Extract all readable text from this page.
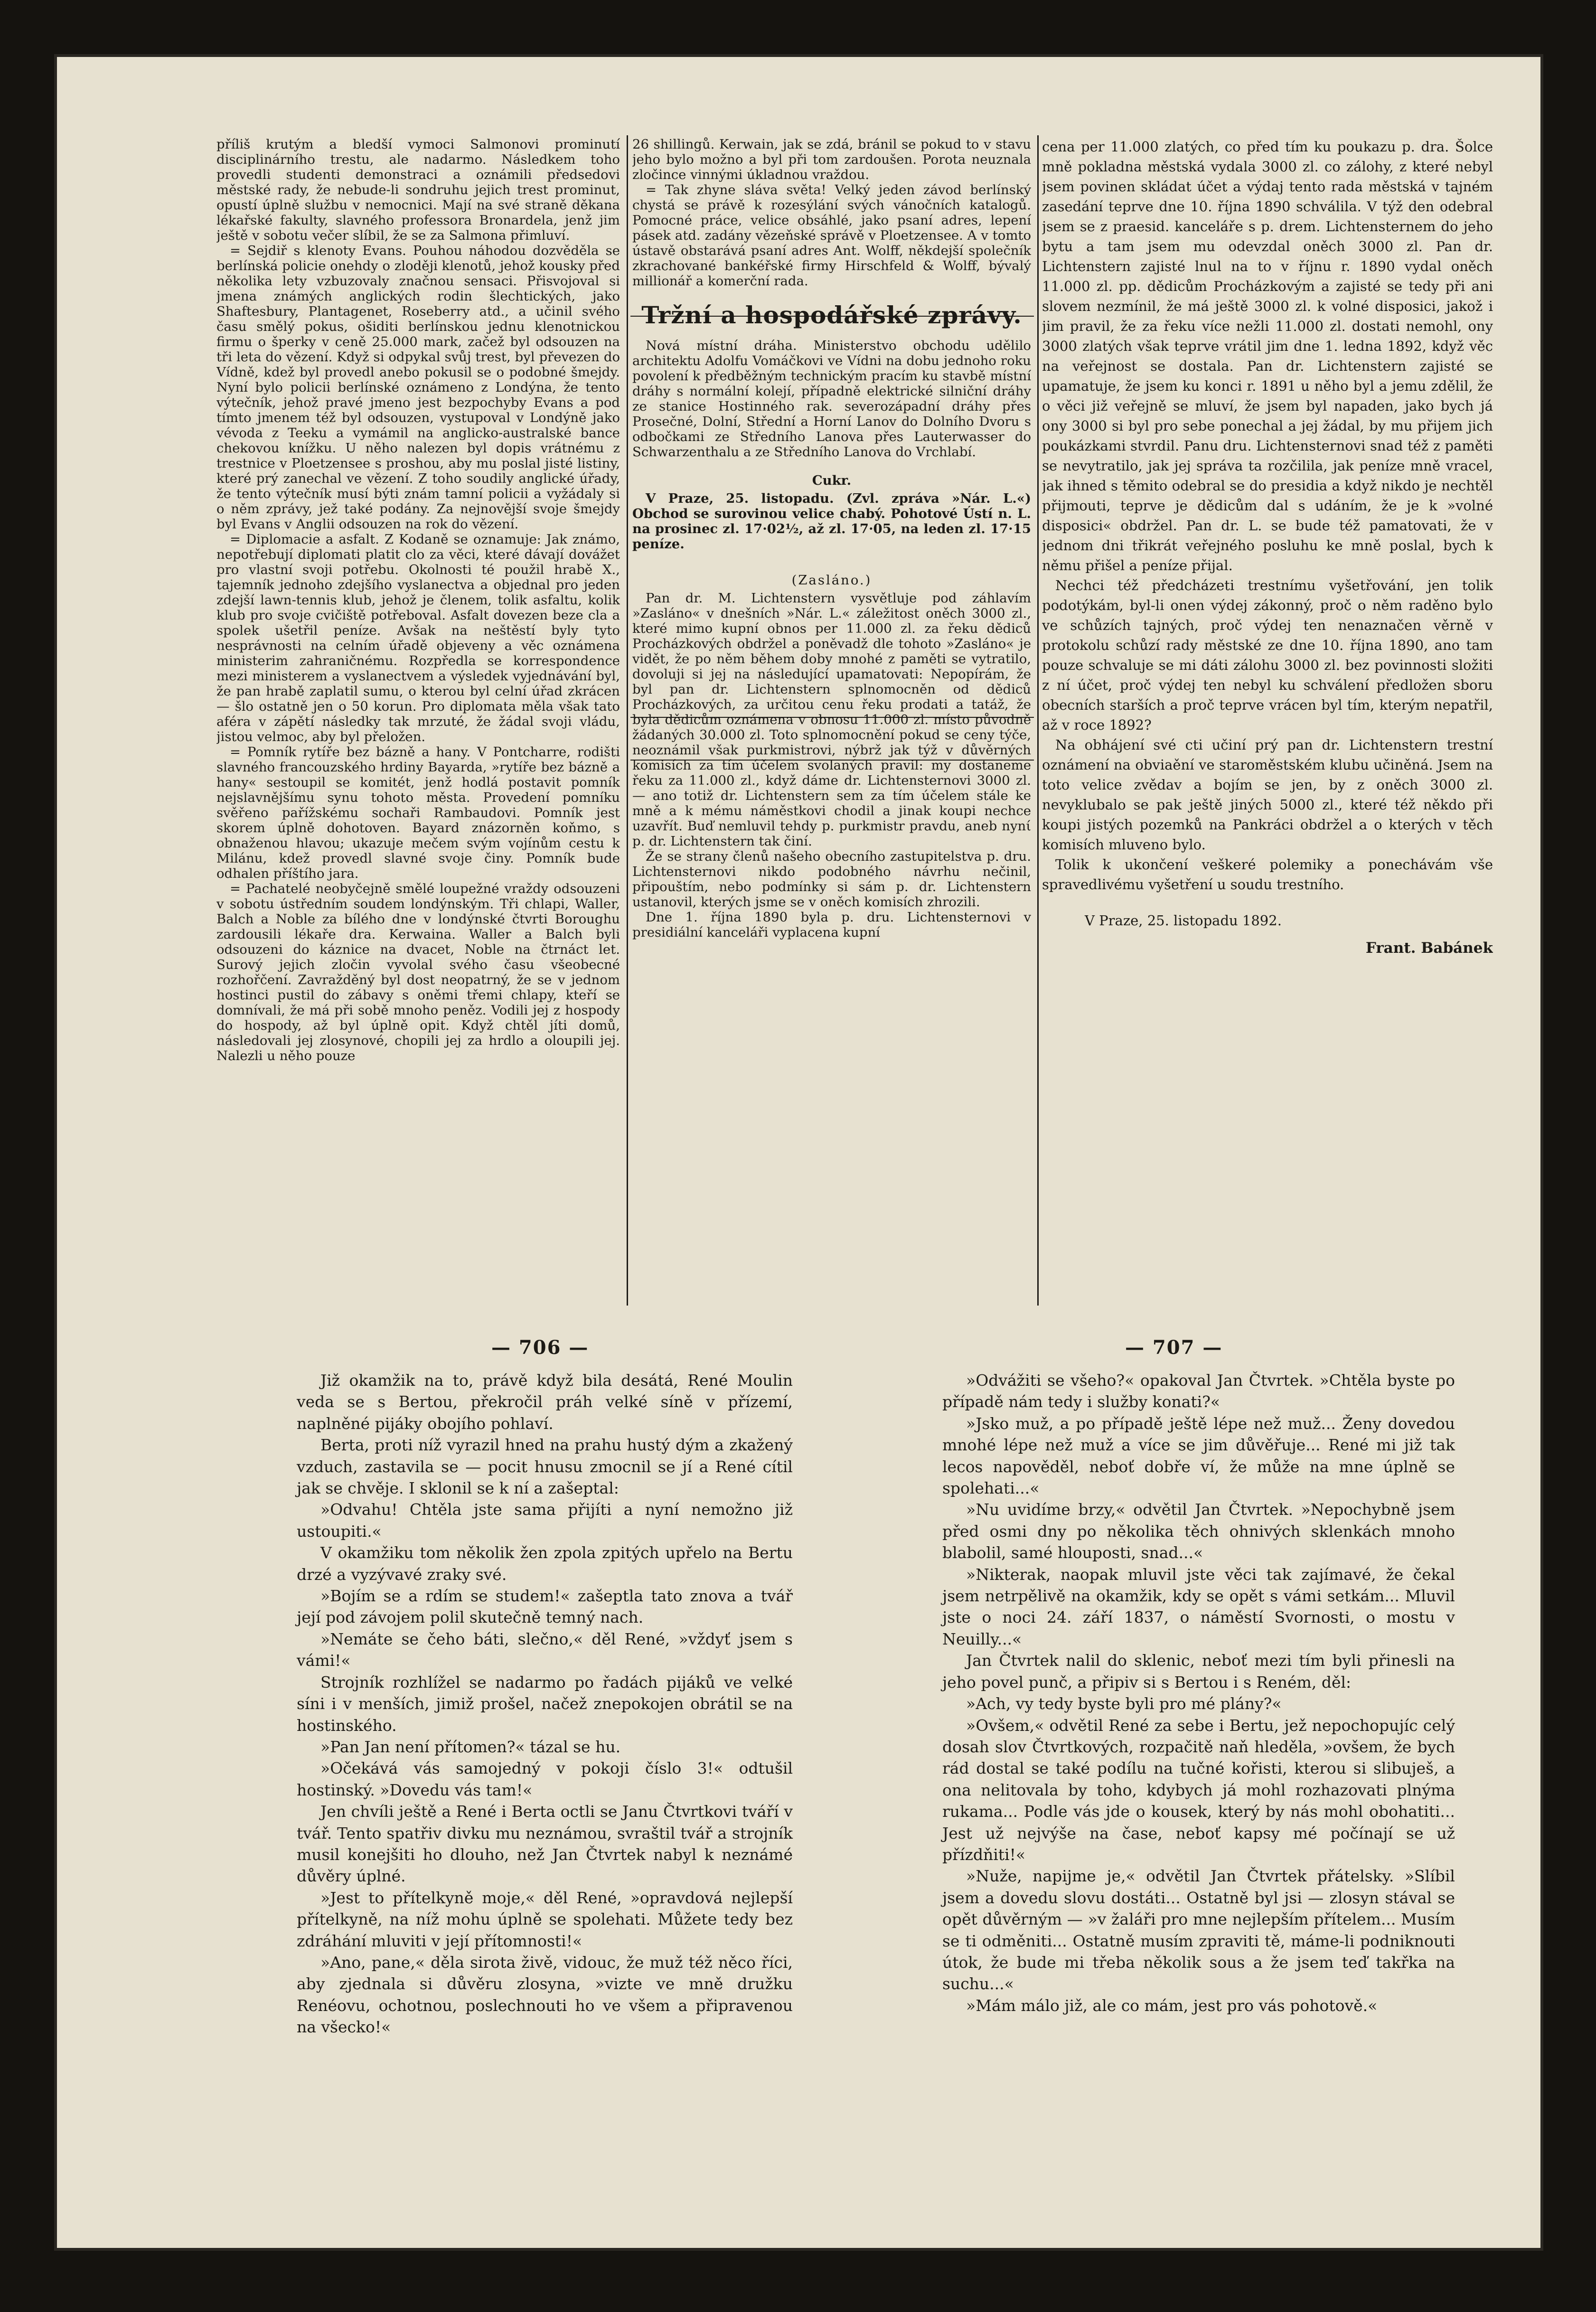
příliš krutým a bledší vymoci Salmonovi prominutí disciplinárního trestu, ale nadarmo. Následkem toho provedli studenti demonstraci a oznámili předsedovi městské rady, že nebude-li sondruhu jejich trest prominut, opustí úplně službu v nemocnici. Mají na své straně děkana lékařské fakulty, slavného professora Bronardela, jenž jim ještě v sobotu večer slíbil, že se za Salmona přimluví.

= Sejdiř s klenoty Evans. Pouhou náhodou dozvěděla se berlínská policie onehdy o zloději klenotů, jehož kousky před několika lety vzbuzovaly značnou sensaci. Přisvojoval si jmena známých anglických rodin šlechtických, jako Shaftesbury, Plantagenet, Roseberry atd., a učinil svého času smělý pokus, ošiditi berlínskou jednu klenotnickou firmu o šperky v ceně 25.000 mark, začež byl odsouzen na tři leta do vězení. Když si odpykal svůj trest, byl převezen do Vídně, kdež byl provedl anebo pokusil se o podobné šmejdy. Nyní bylo policii berlínské oznámeno z Londýna, že tento výtečník, jehož pravé jmeno jest bezpochyby Evans a pod tímto jmenem též byl odsouzen, vystupoval v Londýně jako vévoda z Teeku a vymámil na anglicko-australské bance chekovou knížku. U něho nalezen byl dopis vrátnému z trestnice v Ploetzensee s proshou, aby mu poslal jisté listiny, které prý zanechal ve vězení. Z toho soudily anglické úřady, že tento výtečník musí býti znám tamní policii a vyžádaly si o něm zprávy, jež také podány. Za nejnovější svoje šmejdy byl Evans v Anglii odsouzen na rok do vězení.

= Diplomacie a asfalt. Z Kodaně se oznamuje: Jak známo, nepotřebují diplomati platit clo za věci, které dávají dovážet pro vlastní svoji potřebu. Okolnosti té použil hrabě X., tajemník jednoho zdejšího vyslanectva a objednal pro jeden zdejší lawn-tennis klub, jehož je členem, tolik asfaltu, kolik klub pro svoje cvičiště potřeboval. Asfalt dovezen beze cla a spolek ušetřil peníze. Avšak na neštěstí byly tyto nesprávnosti na celním úřadě objeveny a věc oznámena ministerim zahraničnému. Rozpředla se korrespondence mezi ministerem a vyslanectvem a výsledek vyjednávání byl, že pan hrabě zaplatil sumu, o kterou byl celní úřad zkrácen — šlo ostatně jen o 50 korun. Pro diplomata měla však tato aféra v zápětí následky tak mrzuté, že žádal svoji vládu, jistou velmoc, aby byl přeložen.

= Pomník rytíře bez bázně a hany. V Pontcharre, rodišti slavného francouzského hrdiny Bayarda, »rytíře bez bázně a hany« sestoupil se komitét, jenž hodlá postavit pomník nejslavnějšímu synu tohoto města. Provedení pomníku svěřeno pařížskému sochaři Rambaudovi. Pomník jest skorem úplně dohotoven. Bayard znázorněn koňmo, s obnaženou hlavou; ukazuje mečem svým vojínům cestu k Milánu, kdež provedl slavné svoje činy. Pomník bude odhalen příštího jara.

= Pachatelé neobyčejně smělé loupežné vraždy odsouzeni v sobotu ústředním soudem londýnským. Tři chlapi, Waller, Balch a Noble za bílého dne v londýnské čtvrti Boroughu zardousili lékaře dra. Kerwaina. Waller a Balch byli odsouzeni do káznice na dvacet, Noble na čtrnáct let. Surový jejich zločin vyvolal svého času všeobecné rozhořčení. Zavražděný byl dost neopatrný, že se v jednom hostinci pustil do zábavy s oněmi třemi chlapy, kteří se domnívali, že má při sobě mnoho peněz. Vodili jej z hospody do hospody, až byl úplně opit. Když chtěl jíti domů, následovali jej zlosynové, chopili jej za hrdlo a oloupili jej. Nalezli u něho pouze

26 shillingů. Kerwain, jak se zdá, bránil se pokud to v stavu jeho bylo možno a byl při tom zardoušen. Porota neuznala zločince vinnými úkladnou vraždou.

= Tak zhyne sláva světa! Velký jeden závod berlínský chystá se právě k rozesýlání svých vánočních katalogů. Pomocné práce, velice obsáhlé, jako psaní adres, lepení pásek atd. zadány vězeňské správě v Ploetzensee. A v tomto ústavě obstarává psaní adres Ant. Wolff, někdejší společník zkrachované bankéřské firmy Hirschfeld & Wolff, bývalý millionář a komerční rada.

Tržní a hospodářské zprávy.

Nová místní dráha. Ministerstvo obchodu udělilo architektu Adolfu Vomáčkovi ve Vídni na dobu jednoho roku povolení k předběžným technickým pracím ku stavbě místní dráhy s normální kolejí, případně elektrické silniční dráhy ze stanice Hostinného rak. severozápadní dráhy přes Prosečné, Dolní, Střední a Horní Lanov do Dolního Dvoru s odbočkami ze Středního Lanova přes Lauterwasser do Schwarzenthalu a ze Středního Lanova do Vrchlabí.

Cukr.

V Praze, 25. listopadu. (Zvl. zpráva »Nár. L.«) Obchod se surovinou velice chabý. Pohotové Ústí n. L. na prosinec zl. 17·02½, až zl. 17·05, na leden zl. 17·15 peníze.

(Zasláno.)

Pan dr. M. Lichtenstern vysvětluje pod záhlavím »Zasláno« v dnešních »Nár. L.« záležitost oněch 3000 zl., které mimo kupní obnos per 11.000 zl. za řeku dědiců Procházkových obdržel a poněvadž dle tohoto »Zasláno« je vidět, že po něm během doby mnohé z paměti se vytratilo, dovoluji si jej na následující upamatovati: Nepopírám, že byl pan dr. Lichtenstern splnomocněn od dědiců Procházkových, za určitou cenu řeku prodati a tatáž, že byla dědicům oznámena v obnosu 11.000 zl. místo původně žádaných 30.000 zl. Toto splnomocnění pokud se ceny týče, neoznámil však purkmistrovi, nýbrž jak týž v důvěrných komisích za tím účelem svolaných pravil: my dostaneme řeku za 11.000 zl., když dáme dr. Lichtensternovi 3000 zl. — ano totiž dr. Lichtenstern sem za tím účelem stále ke mně a k mému náměstkovi chodil a jinak koupi nechce uzavřít. Buď nemluvil tehdy p. purkmistr pravdu, aneb nynί p. dr. Lichtenstern tak činí.

Že se strany členů našeho obecního zastupitelstva p. dru. Lichtensternovi nikdo podobného návrhu nečinil, připouštím, nebo podmínky si sám p. dr. Lichtenstern ustanovil, kterých jsme se v oněch komisích zhrozili.

Dne 1. října 1890 byla p. dru. Lichtensternovi v presidiální kanceláři vyplacena kupní

cena per 11.000 zlatých, co před tím ku poukazu p. dra. Šolce mně pokladna městská vydala 3000 zl. co zálohy, z které nebyl jsem povinen skládat účet a výdaj tento rada městská v tajném zasedání teprve dne 10. října 1890 schválila. V týž den odebral jsem se z praesid. kanceláře s p. drem. Lichtensternem do jeho bytu a tam jsem mu odevzdal oněch 3000 zl. Pan dr. Lichtenstern zajisté lnul na to v říjnu r. 1890 vydal oněch 11.000 zl. pp. dědicům Procházkovým a zajisté se tedy při ani slovem nezmínil, že má ještě 3000 zl. k volné disposici, jakož i jim pravil, že za řeku více nežli 11.000 zl. dostati nemohl, ony 3000 zlatých však teprve vrátil jim dne 1. ledna 1892, když věc na veřejnost se dostala. Pan dr. Lichtenstern zajisté se upamatuje, že jsem ku konci r. 1891 u něho byl a jemu zdělil, že o věci již veřejně se mluví, že jsem byl napaden, jako bych já ony 3000 si byl pro sebe ponechal a jej žádal, by mu přijem jich poukázkami stvrdil. Panu dru. Lichtensternovi snad též z paměti se nevytratilo, jak jej správa ta rozčilila, jak peníze mně vracel, jak ihned s těmito odebral se do presidia a když nikdo je nechtěl přijmouti, teprve je dědicům dal s udáním, že je k »volné disposici« obdržel. Pan dr. L. se bude též pamatovati, že v jednom dni třikrát veřejného posluhu ke mně poslal, bych k němu přišel a peníze přijal.

Nechci též předcházeti trestnímu vyšetřování, jen tolik podotýkám, byl-li onen výdej zákonný, proč o něm raděno bylo ve schůzích tajných, proč výdej ten nenaznačen věrně v protokolu schůzí rady městské ze dne 10. října 1890, ano tam pouze schvaluje se mi dáti zálohu 3000 zl. bez povinnosti složiti z ní účet, proč výdej ten nebyl ku schválení předložen sboru obecních starších a proč teprve vrácen byl tím, kterým nepatřil, až v roce 1892?

Na obhájení své cti učiní prý pan dr. Lichtenstern trestní oznámení na obviaění ve staroměstském klubu učiněná. Jsem na toto velice zvědav a bojím se jen, by z oněch 3000 zl. nevyklubalo se pak ještě jiných 5000 zl., které též někdo při koupi jistých pozemků na Pankráci obdržel a o kterých v těch komisích mluveno bylo.

Tolik k ukončení veškeré polemiky a ponechávám vše spravedlivému vyšetření u soudu trestního.

V Praze, 25. listopadu 1892.

Frant. Babánek

— 706 —	— 707 —

Již okamžik na to, právě když bila desátá, René Moulin veda se s Bertou, překročil práh velké síně v přízemí, naplněné pijáky obojího pohlaví.

Berta, proti níž vyrazil hned na prahu hustý dým a zkažený vzduch, zastavila se — pocit hnusu zmocnil se jí a René cítil jak se chvěje. I sklonil se k ní a zašeptal:

»Odvahu! Chtěla jste sama přijíti a nyní nemožno již ustoupiti.«

V okamžiku tom několik žen zpola zpitých upřelo na Bertu drzé a vyzývavé zraky své.

»Bojím se a rdím se studem!« zašeptla tato znova a tvář její pod závojem polil skutečně temný nach.

»Nemáte se čeho báti, slečno,« děl René, »vždyť jsem s vámi!«

Strojník rozhlížel se nadarmo po řadách pijáků ve velké síni i v menších, jimiž prošel, načež znepokojen obrátil se na hostinského.

»Pan Jan není přítomen?« tázal se hu.

»Očekává vás samojedný v pokoji číslo 3!« odtušil hostinský. »Dovedu vás tam!«

Jen chvíli ještě a René i Berta octli se Janu Čtvrtkovi tváří v tvář. Tento spatřiv divku mu neznámou, svraštil tvář a strojník musil konejšiti ho dlouho, než Jan Čtvrtek nabyl k neznámé důvěry úplné.

»Jest to přítelkyně moje,« děl René, »opravdová nejlepší přítelkyně, na níž mohu úplně se spolehati. Můžete tedy bez zdráhání mluviti v její přítomnosti!«

»Ano, pane,« děla sirota živě, vidouc, že muž též něco říci, aby zjednala si důvěru zlosyna, »vizte ve mně družku Renéovu, ochotnou, poslechnouti ho ve všem a připravenou na všecko!«

»Odvážiti se všeho?« opakoval Jan Čtvrtek. »Chtěla byste po případě nám tedy i služby konati?«

»Jsko muž, a po případě ještě lépe než muž... Ženy dovedou mnohé lépe než muž a více se jim důvěřuje... René mi již tak lecos napověděl, neboť dobře ví, že může na mne úplně se spolehati...«

»Nu uvidíme brzy,« odvětil Jan Čtvrtek. »Nepochybně jsem před osmi dny po několika těch ohnivých sklenkách mnoho blabolil, samé hlouposti, snad...«

»Nikterak, naopak mluvil jste věci tak zajímavé, že čekal jsem netrpělivě na okamžik, kdy se opět s vámi setkám... Mluvil jste o noci 24. září 1837, o náměstí Svornosti, o mostu v Neuilly...«

Jan Čtvrtek nalil do sklenic, neboť mezi tím byli přinesli na jeho povel punč, a připiv si s Bertou i s Reném, děl:

»Ach, vy tedy byste byli pro mé plány?«

»Ovšem,« odvětil René za sebe i Bertu, jež nepochopujíc celý dosah slov Čtvrtkových, rozpačitě naň hleděla, »ovšem, že bych rád dostal se také podílu na tučné kořisti, kterou si slibuješ, a ona nelitovala by toho, kdybych já mohl rozhazovati plnýma rukama... Podle vás jde o kousek, který by nás mohl obohatiti... Jest už nejvýše na čase, neboť kapsy mé počínají se už přízdňiti!«

»Nuže, napijme je,« odvětil Jan Čtvrtek přátelsky. »Slíbil jsem a dovedu slovu dostáti... Ostatně byl jsi — zlosyn stával se opět důvěrným — »v žaláři pro mne nejlepším přítelem... Musím se ti odměniti... Ostatně musím zpraviti tě, máme-li podniknouti útok, že bude mi třeba několik sous a že jsem teď takřka na suchu...«

»Mám málo již, ale co mám, jest pro vás pohotově.«
